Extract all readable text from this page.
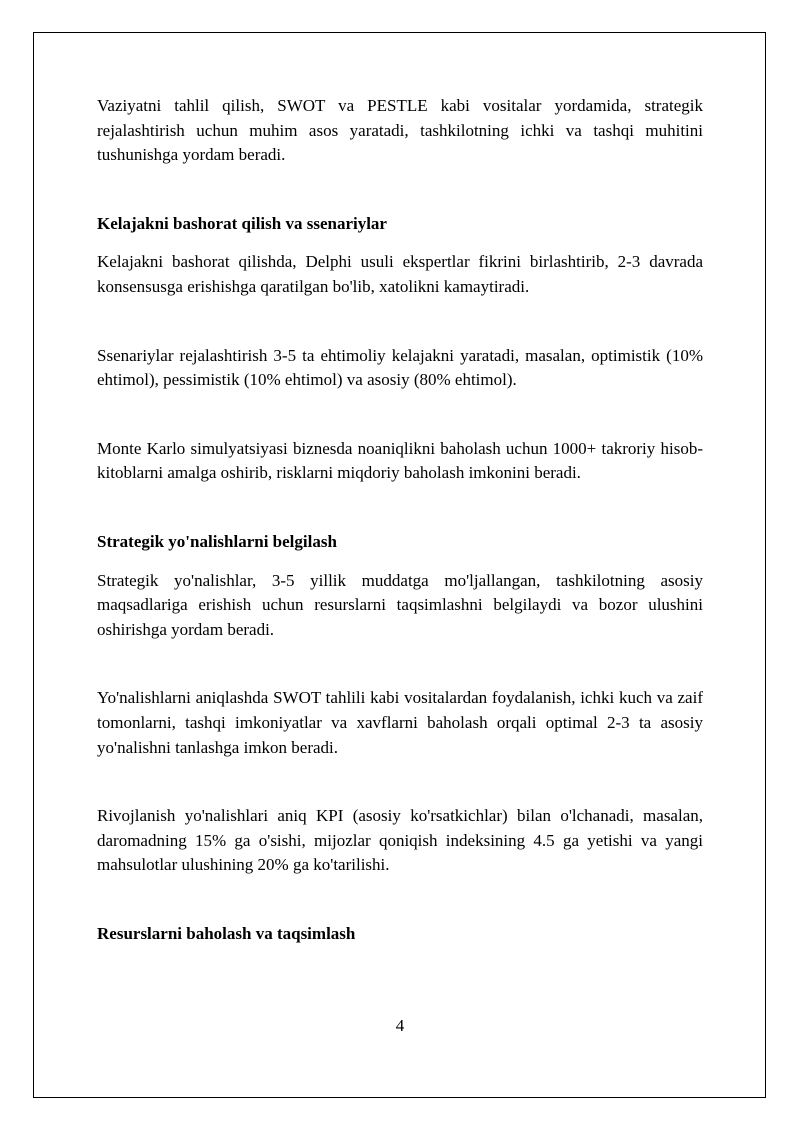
Vaziyatni tahlil qilish, SWOT va PESTLE kabi vositalar yordamida, strategik rejalashtirish uchun muhim asos yaratadi, tashkilotning ichki va tashqi muhitini tushunishga yordam beradi.

Kelajakni bashorat qilish va ssenariylar

Kelajakni bashorat qilishda, Delphi usuli ekspertlar fikrini birlashtirib, 2-3 davrada konsensusga erishishga qaratilgan bo'lib, xatolikni kamaytiradi.

Ssenariylar rejalashtirish 3-5 ta ehtimoliy kelajakni yaratadi, masalan, optimistik (10% ehtimol), pessimistik (10% ehtimol) va asosiy (80% ehtimol).

Monte Karlo simulyatsiyasi biznesda noaniqlikni baholash uchun 1000+ takroriy hisob-kitoblarni amalga oshirib, risklarni miqdoriy baholash imkonini beradi.

Strategik yo'nalishlarni belgilash

Strategik yo'nalishlar, 3-5 yillik muddatga mo'ljallangan, tashkilotning asosiy maqsadlariga erishish uchun resurslarni taqsimlashni belgilaydi va bozor ulushini oshirishga yordam beradi.

Yo'nalishlarni aniqlashda SWOT tahlili kabi vositalardan foydalanish, ichki kuch va zaif tomonlarni, tashqi imkoniyatlar va xavflarni baholash orqali optimal 2-3 ta asosiy yo'nalishni tanlashga imkon beradi.

Rivojlanish yo'nalishlari aniq KPI (asosiy ko'rsatkichlar) bilan o'lchanadi, masalan, daromadning 15% ga o'sishi, mijozlar qoniqish indeksining 4.5 ga yetishi va yangi mahsulotlar ulushining 20% ga ko'tarilishi.

Resurslarni baholash va taqsimlash

4
